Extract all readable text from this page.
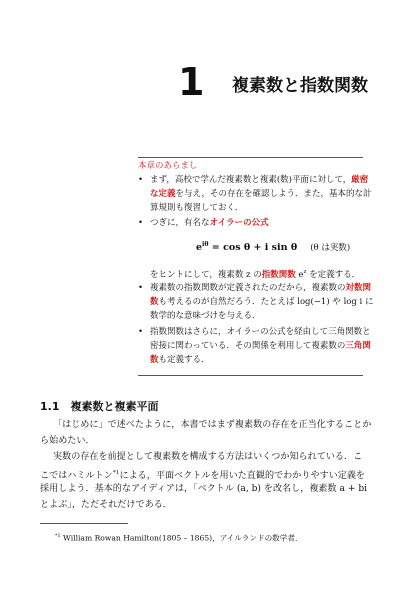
1 複素数と指数関数
本章のあらまし
• まず，高校で学んだ複素数と複素(数)平面に対して，厳密
な定義を与え，その存在を確認しよう．また，基本的な計
算規則も復習しておく．
• つぎに，有名なオイラーの公式
$e^{i\theta} = \cos \theta + i$ sin θ (θ は実数)
をヒントにして，複素数 z の指数関数 $e^z$ を定義する．
• 複素数の指数関数が定義されたのだから，複素数の対数関
数も考えるのが自然だろう．たとえば log(−1) や log i に
数学的な意味づけを与える．
• 指数関数はさらに，オイラーの公式を経由して三角関数と
密接に関わっている．その関係を利用して複素数の三角関
数も定義する．
1.1　複素数と複素平面
「はじめに」で述べたように，本書ではまず複素数の存在を正当化することか
ら始めたい．
実数の存在を前提として複素数を構成する方法はいくつか知られている．こ
こではハミルトン$^{*1}$による，平面ベクトルを用いた直観的でわかりやすい定義を
採用しよう．基本的なアイディアは，「ベクトル (a, b) を改名し，複素数 a + bi
とよぶ」，ただそれだけである．
$^{*1}$ William Rowan Hamilton(1805 – 1865)，アイルランドの数学者．
